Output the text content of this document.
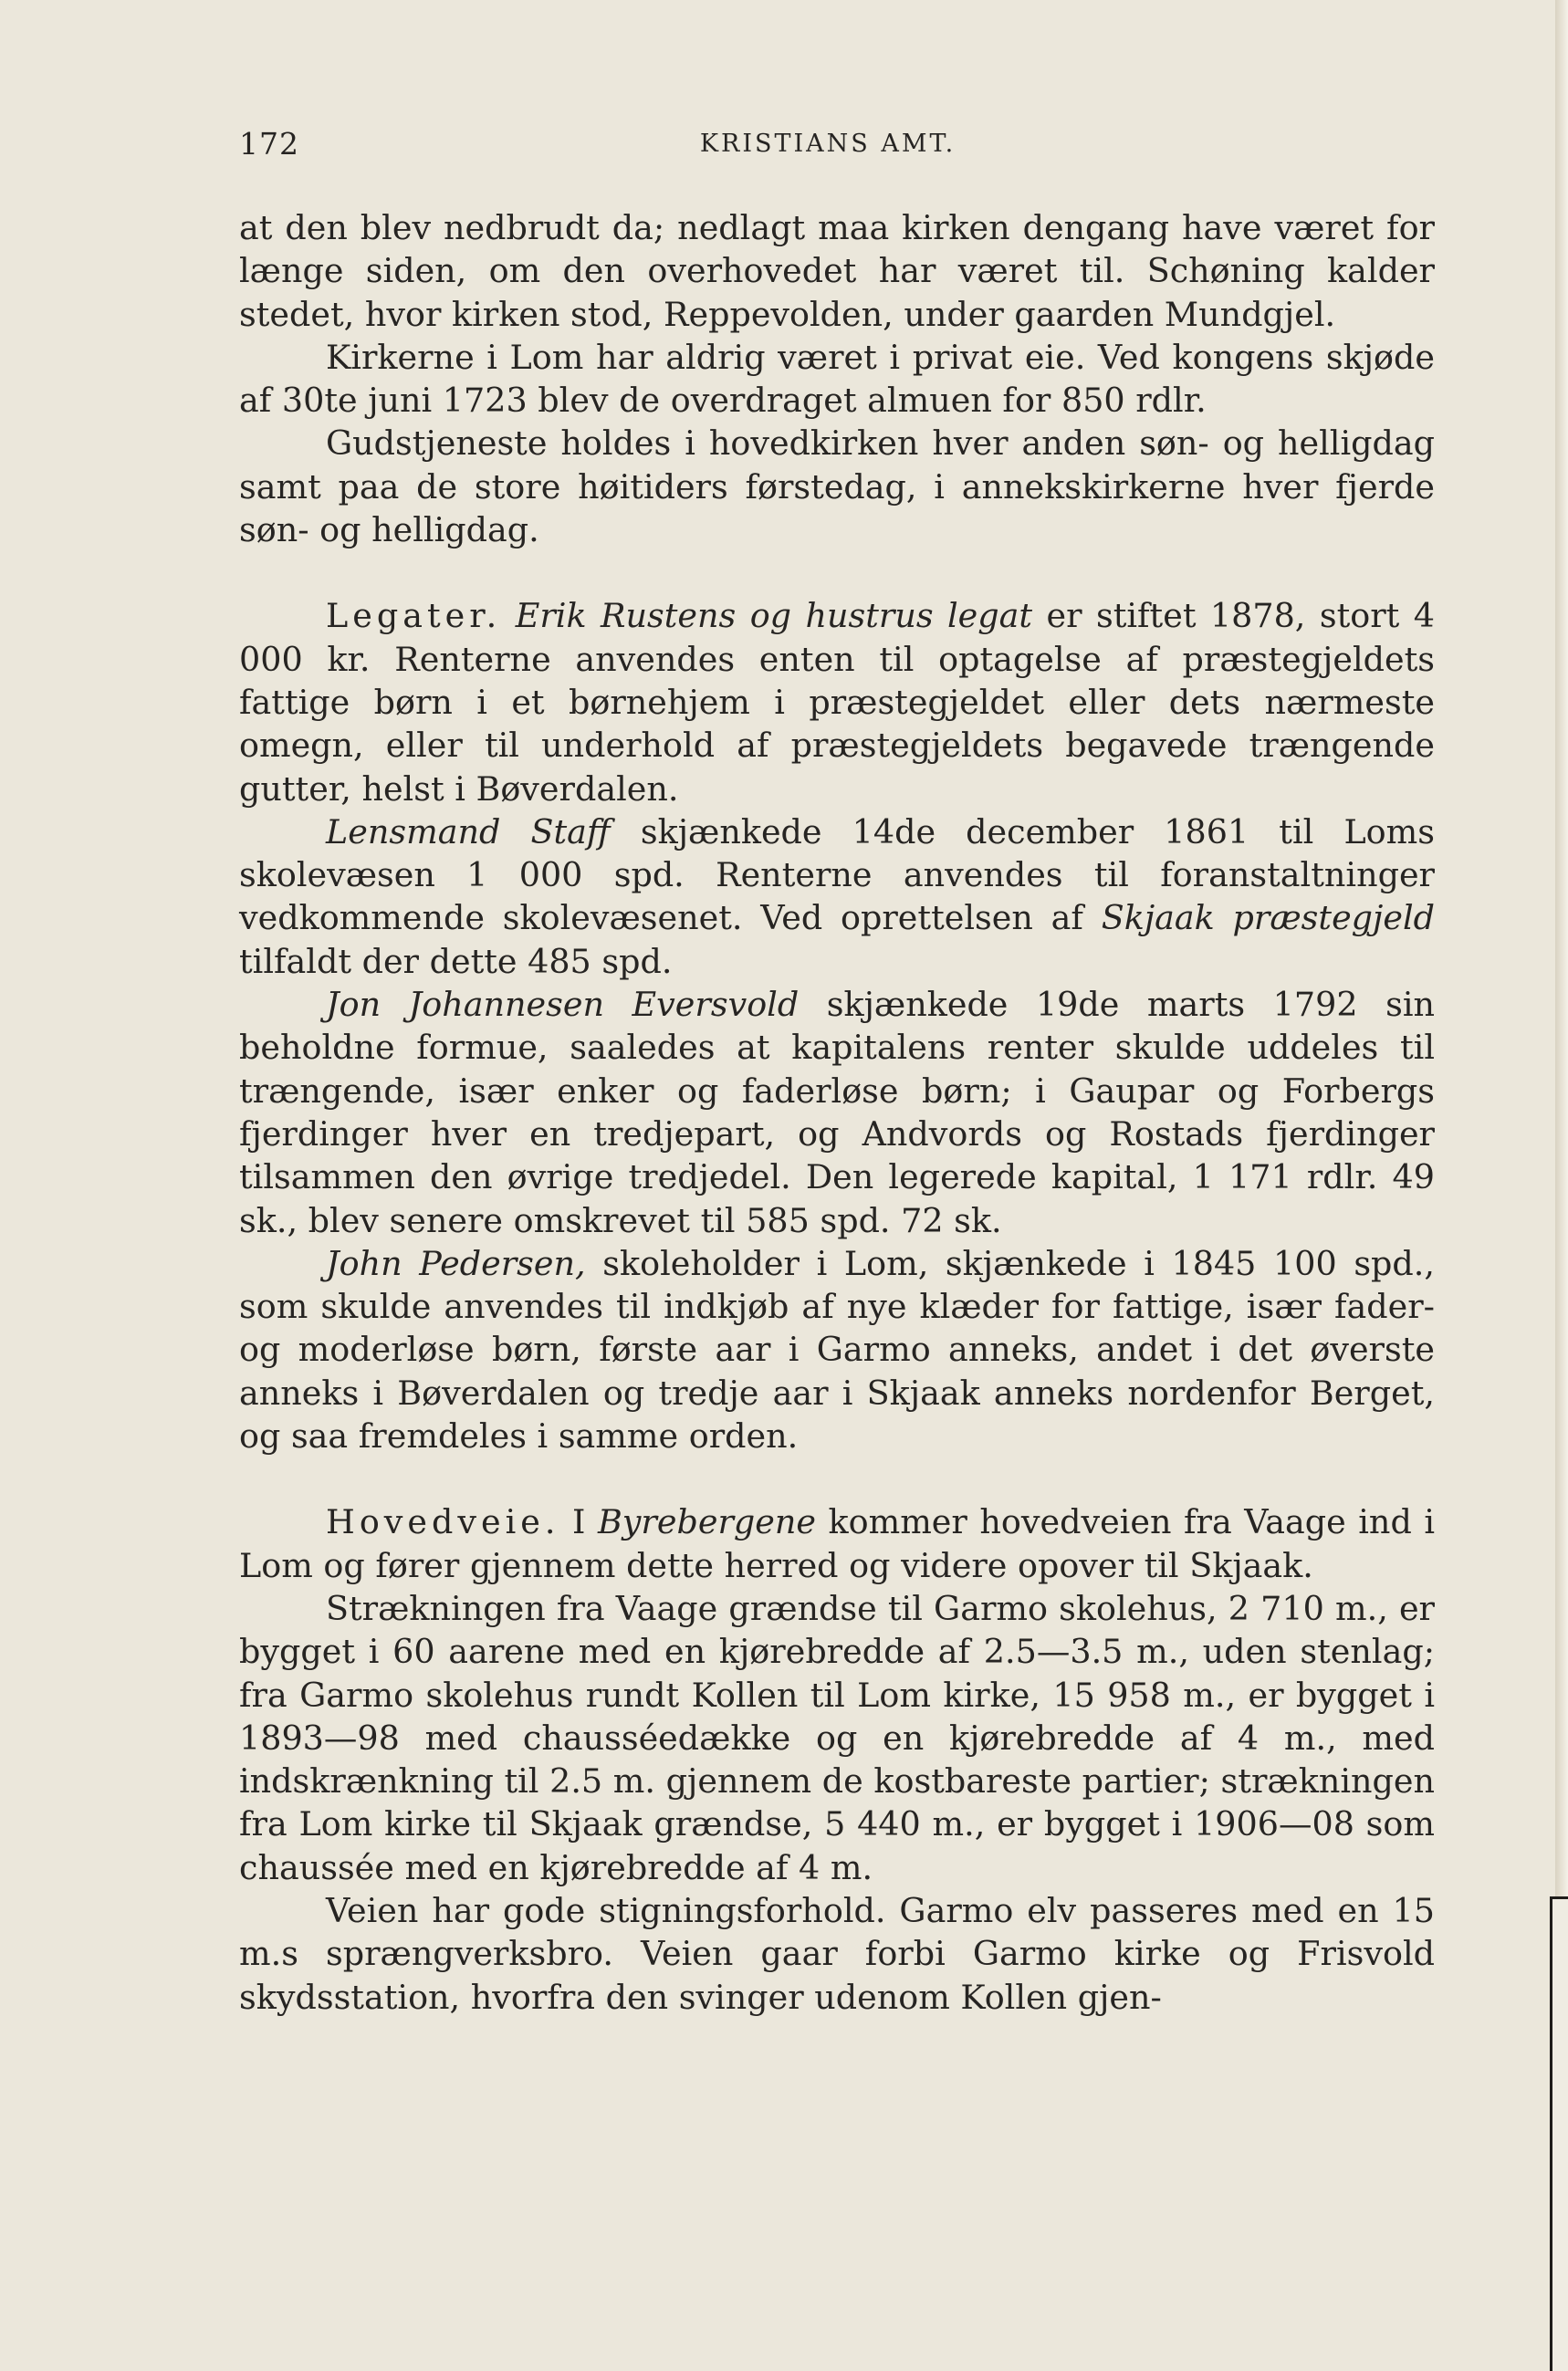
KRISTIANS AMT.
172

at den blev nedbrudt da; nedlagt maa kirken dengang have været for længe siden, om den overhovedet har været til. Schøning kalder stedet, hvor kirken stod, Reppevolden, under gaarden Mundgjel.

Kirkerne i Lom har aldrig været i privat eie. Ved kongens skjøde af 30te juni 1723 blev de overdraget almuen for 850 rdlr.

Gudstjeneste holdes i hovedkirken hver anden søn- og helligdag samt paa de store høitiders førstedag, i annekskirkerne hver fjerde søn- og helligdag.

Legater. Erik Rustens og hustrus legat er stiftet 1878, stort 4 000 kr. Renterne anvendes enten til optagelse af præstegjeldets fattige børn i et børnehjem i præstegjeldet eller dets nærmeste omegn, eller til underhold af præstegjeldets begavede trængende gutter, helst i Bøverdalen.

Lensmand Staff skjænkede 14de december 1861 til Loms skolevæsen 1 000 spd. Renterne anvendes til foranstaltninger vedkommende skolevæsenet. Ved oprettelsen af Skjaak præstegjeld tilfaldt der dette 485 spd.

Jon Johannesen Eversvold skjænkede 19de marts 1792 sin beholdne formue, saaledes at kapitalens renter skulde uddeles til trængende, især enker og faderløse børn; i Gaupar og Forbergs fjerdinger hver en tredjepart, og Andvords og Rostads fjerdinger tilsammen den øvrige tredjedel. Den legerede kapital, 1 171 rdlr. 49 sk., blev senere omskrevet til 585 spd. 72 sk.

John Pedersen, skoleholder i Lom, skjænkede i 1845 100 spd., som skulde anvendes til indkjøb af nye klæder for fattige, især fader- og moderløse børn, første aar i Garmo anneks, andet i det øverste anneks i Bøverdalen og tredje aar i Skjaak anneks nordenfor Berget, og saa fremdeles i samme orden.

Hovedveie. I Byrebergene kommer hovedveien fra Vaage ind i Lom og fører gjennem dette herred og videre opover til Skjaak.

Strækningen fra Vaage grændse til Garmo skolehus, 2 710 m., er bygget i 60 aarene med en kjørebredde af 2.5—3.5 m., uden stenlag; fra Garmo skolehus rundt Kollen til Lom kirke, 15 958 m., er bygget i 1893—98 med chausséedække og en kjørebredde af 4 m., med indskrænkning til 2.5 m. gjennem de kostbareste partier; strækningen fra Lom kirke til Skjaak grændse, 5 440 m., er bygget i 1906—08 som chaussée med en kjørebredde af 4 m.

Veien har gode stigningsforhold. Garmo elv passeres med en 15 m.s sprængverksbro. Veien gaar forbi Garmo kirke og Frisvold skydsstation, hvorfra den svinger udenom Kollen gjen-
